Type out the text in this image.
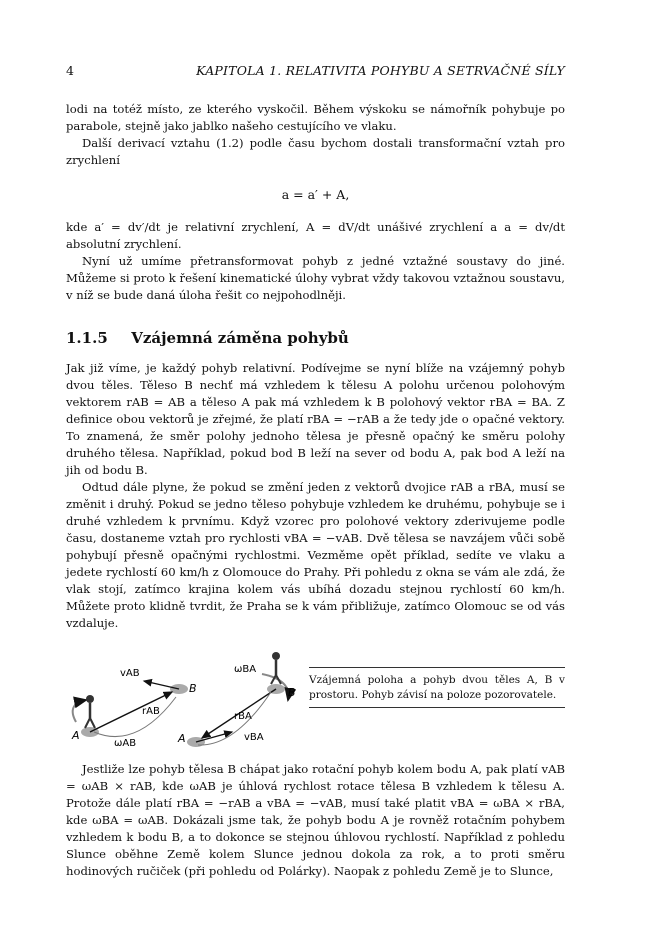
4	KAPITOLA 1. RELATIVITA POHYBU A SETRVAČNÉ SÍLY

lodi na totéž místo, ze kterého vyskočil. Během výskoku se námořník pohybuje po parabole, stejně jako jablko našeho cestujícího ve vlaku.

Další derivací vztahu (1.2) podle času bychom dostali transformační vztah pro zrychlení

a = a′ + A,

kde a′ = dv′/dt je relativní zrychlení, A = dV/dt unášivé zrychlení a a = dv/dt absolutní zrychlení.

Nyní už umíme přetransformovat pohyb z jedné vztažné soustavy do jiné. Můžeme si proto k řešení kinematické úlohy vybrat vždy takovou vztažnou soustavu, v níž se bude daná úloha řešit co nejpohodlněji.

1.1.5 Vzájemná záměna pohybů

Jak již víme, je každý pohyb relativní. Podívejme se nyní blíže na vzájemný pohyb dvou těles. Těleso B nechť má vzhledem k tělesu A polohu určenou polohovým vektorem rAB = AB a těleso A pak má vzhledem k B polohový vektor rBA = BA. Z definice obou vektorů je zřejmé, že platí rBA = −rAB a že tedy jde o opačné vektory. To znamená, že směr polohy jednoho tělesa je přesně opačný ke směru polohy druhého tělesa. Například, pokud bod B leží na sever od bodu A, pak bod A leží na jih od bodu B.

Odtud dále plyne, že pokud se změní jeden z vektorů dvojice rAB a rBA, musí se změnit i druhý. Pokud se jedno těleso pohybuje vzhledem ke druhému, pohybuje se i druhé vzhledem k prvnímu. Když vzorec pro polohové vektory zderivujeme podle času, dostaneme vztah pro rychlosti vBA = −vAB. Dvě tělesa se navzájem vůči sobě pohybují přesně opačnými rychlostmi. Vezměme opět příklad, sedíte ve vlaku a jedete rychlostí 60 km/h z Olomouce do Prahy. Při pohledu z okna se vám ale zdá, že vlak stojí, zatímco krajina kolem vás ubíhá dozadu stejnou rychlostí 60 km/h. Můžete proto klidně tvrdit, že Praha se k vám přibližuje, zatímco Olomouc se od vás vzdaluje.

A
B
vAB
rAB
ωAB	A
B
ωBA
rBA
vBA
Vzájemná poloha a pohyb dvou těles A, B v prostoru. Pohyb závisí na poloze pozorovatele.

Jestliže lze pohyb tělesa B chápat jako rotační pohyb kolem bodu A, pak platí vAB = ωAB × rAB, kde ωAB je úhlová rychlost rotace tělesa B vzhledem k tělesu A. Protože dále platí rBA = −rAB a vBA = −vAB, musí také platit vBA = ωBA × rBA, kde ωBA = ωAB. Dokázali jsme tak, že pohyb bodu A je rovněž rotačním pohybem vzhledem k bodu B, a to dokonce se stejnou úhlovou rychlostí. Například z pohledu Slunce oběhne Země kolem Slunce jednou dokola za rok, a to proti směru hodinových ručiček (při pohledu od Polárky). Naopak z pohledu Země je to Slunce,
